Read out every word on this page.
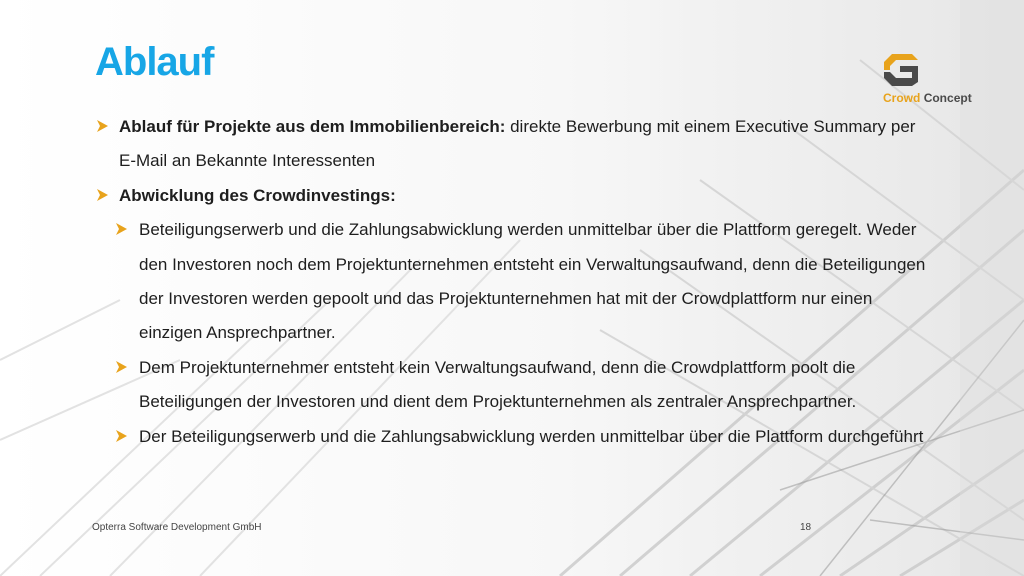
Ablauf
Crowd Concept
Ablauf für Projekte aus dem Immobilienbereich: direkte Bewerbung mit einem Executive Summary per E-Mail an Bekannte Interessenten
Abwicklung des Crowdinvestings:
Beteiligungserwerb und die Zahlungsabwicklung werden unmittelbar über die Plattform geregelt. Weder den Investoren noch dem Projektunternehmen entsteht ein Verwaltungsaufwand, denn die Beteiligungen der Investoren werden gepoolt und das Projektunternehmen hat mit der Crowdplattform nur einen einzigen Ansprechpartner.
Dem Projektunternehmer entsteht kein Verwaltungsaufwand, denn die Crowdplattform poolt die Beteiligungen der Investoren und dient dem Projektunternehmen als zentraler Ansprechpartner.
Der Beteiligungserwerb und die Zahlungsabwicklung werden unmittelbar über die Plattform durchgeführt
Opterra Software Development GmbH	18
